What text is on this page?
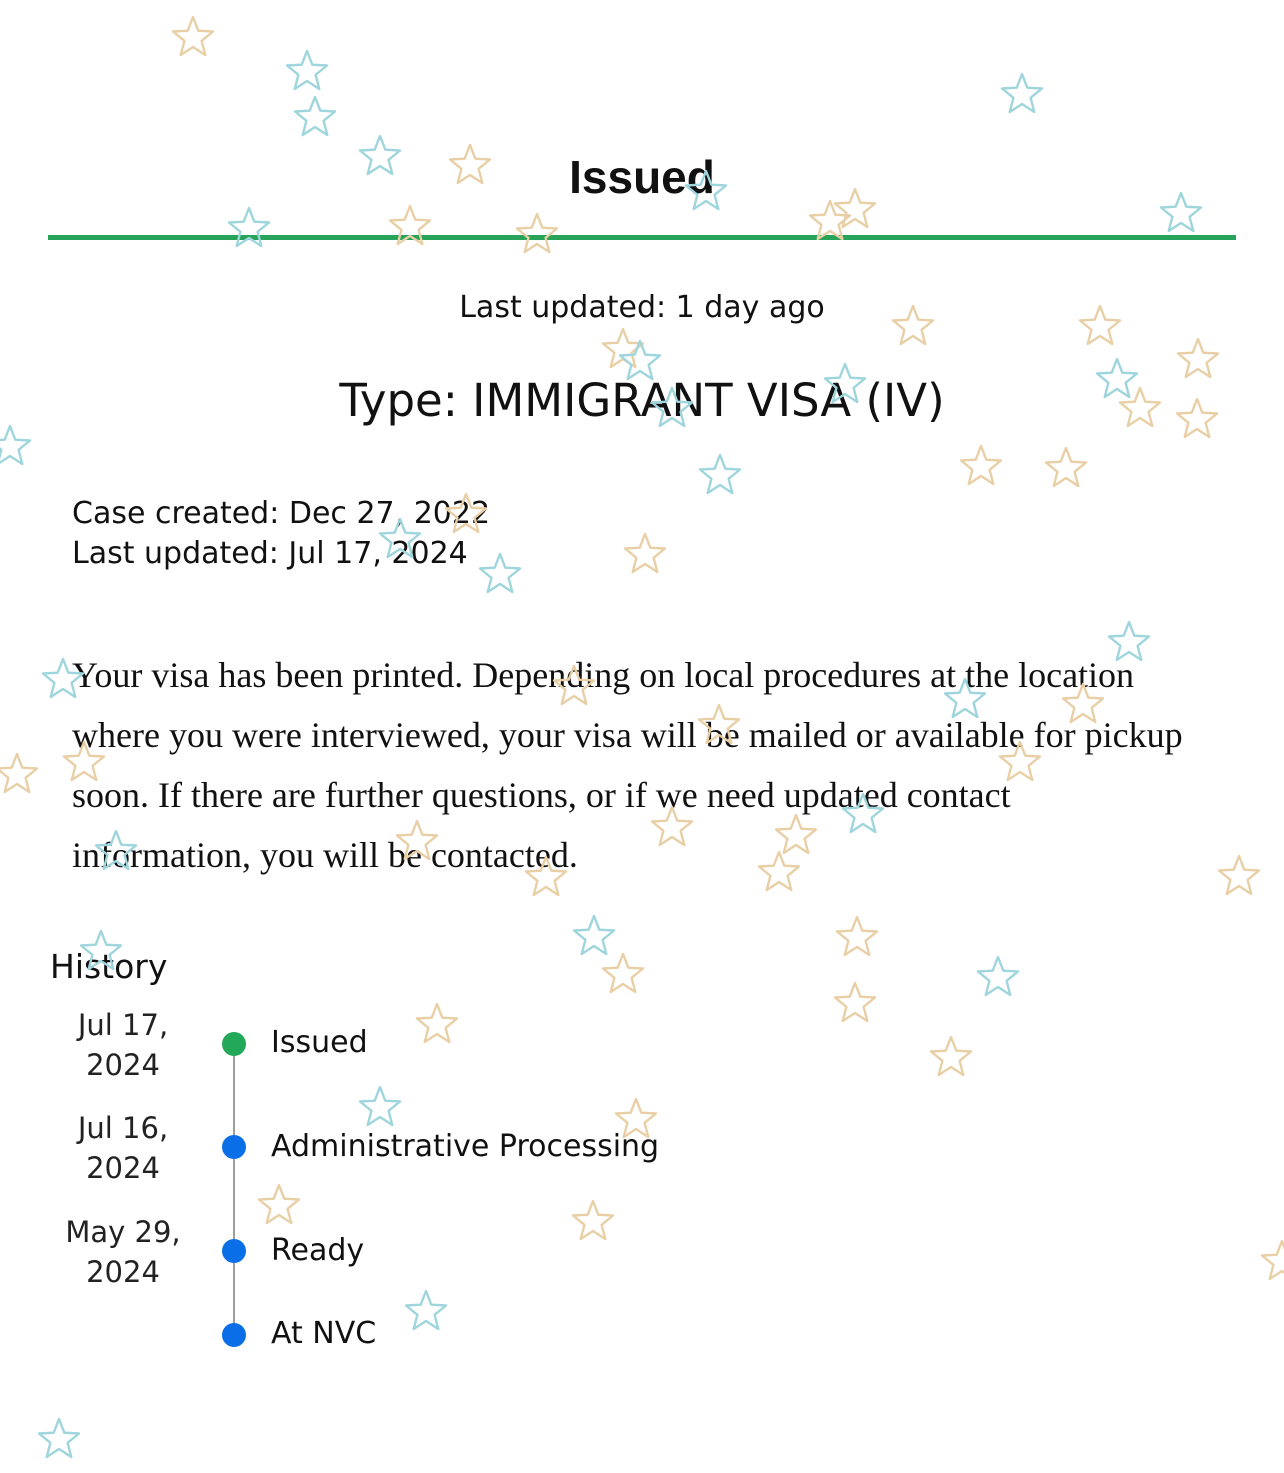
Issued
Last updated: 1 day ago
Type: IMMIGRANT VISA (IV)
Case created: Dec 27, 2022
Last updated: Jul 17, 2024
Your visa has been printed. Depending on local procedures at the location where you were interviewed, your visa will be mailed or available for pickup soon. If there are further questions, or if we need updated contact information, you will be contacted.
History
Jul 17,
2024
Issued
Jul 16,
2024
Administrative Processing
May 29,
2024
Ready
At NVC
